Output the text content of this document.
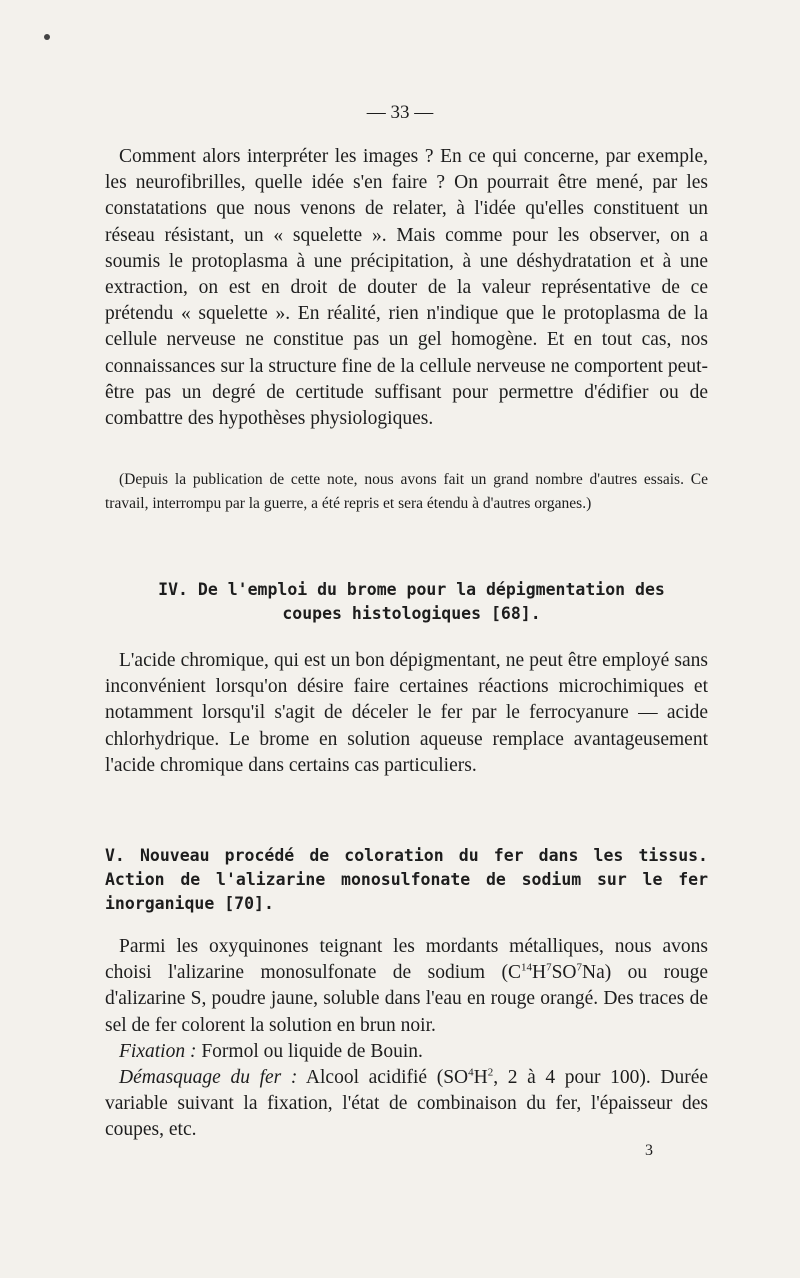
— 33 —

Comment alors interpréter les images ? En ce qui concerne, par exemple, les neurofibrilles, quelle idée s'en faire ? On pourrait être mené, par les constatations que nous venons de relater, à l'idée qu'elles constituent un réseau résistant, un « squelette ». Mais comme pour les observer, on a soumis le protoplasma à une précipitation, à une déshydratation et à une extraction, on est en droit de douter de la valeur représentative de ce prétendu « squelette ». En réalité, rien n'indique que le protoplasma de la cellule nerveuse ne constitue pas un gel homogène. Et en tout cas, nos connaissances sur la structure fine de la cellule nerveuse ne comportent peut-être pas un degré de certitude suffisant pour permettre d'édifier ou de combattre des hypothèses physiologiques.

(Depuis la publication de cette note, nous avons fait un grand nombre d'autres essais. Ce travail, interrompu par la guerre, a été repris et sera étendu à d'autres organes.)

IV. De l'emploi du brome pour la dépigmentation des coupes histologiques [68].

L'acide chromique, qui est un bon dépigmentant, ne peut être employé sans inconvénient lorsqu'on désire faire certaines réactions microchimiques et notamment lorsqu'il s'agit de déceler le fer par le ferrocyanure — acide chlorhydrique. Le brome en solution aqueuse remplace avantageusement l'acide chromique dans certains cas particuliers.

V. Nouveau procédé de coloration du fer dans les tissus. Action de l'alizarine monosulfonate de sodium sur le fer inorganique [70].

Parmi les oxyquinones teignant les mordants métalliques, nous avons choisi l'alizarine monosulfonate de sodium $(C^{14}H^7SO^7Na)$ ou rouge d'alizarine S, poudre jaune, soluble dans l'eau en rouge orangé. Des traces de sel de fer colorent la solution en brun noir.

Fixation : Formol ou liquide de Bouin.

Démasquage du fer : Alcool acidifié ($SO^4H^2$, 2 à 4 pour 100). Durée variable suivant la fixation, l'état de combinaison du fer, l'épaisseur des coupes, etc.

3
